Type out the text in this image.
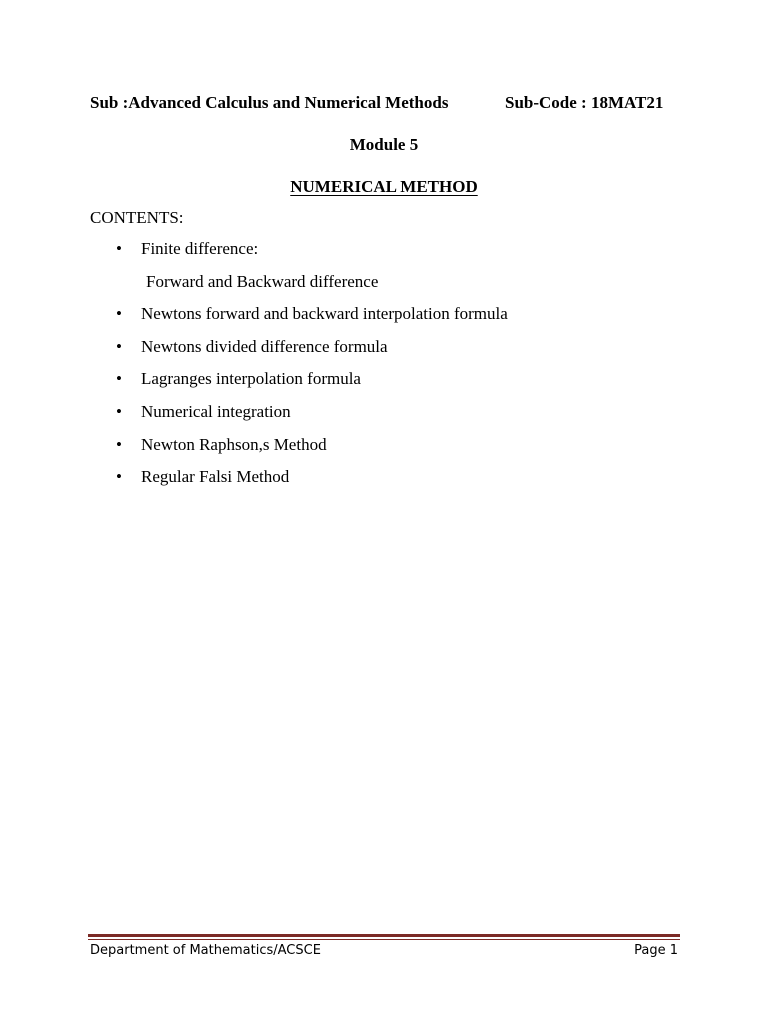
Sub :Advanced Calculus and Numerical Methods	Sub-Code : 18MAT21
Module 5
NUMERICAL METHOD
CONTENTS:
• Finite difference:
Forward and Backward difference
• Newtons forward and backward interpolation formula
• Newtons divided difference formula
• Lagranges interpolation formula
• Numerical integration
• Newton Raphson,s Method
• Regular Falsi Method
Department of Mathematics/ACSCE	Page 1
